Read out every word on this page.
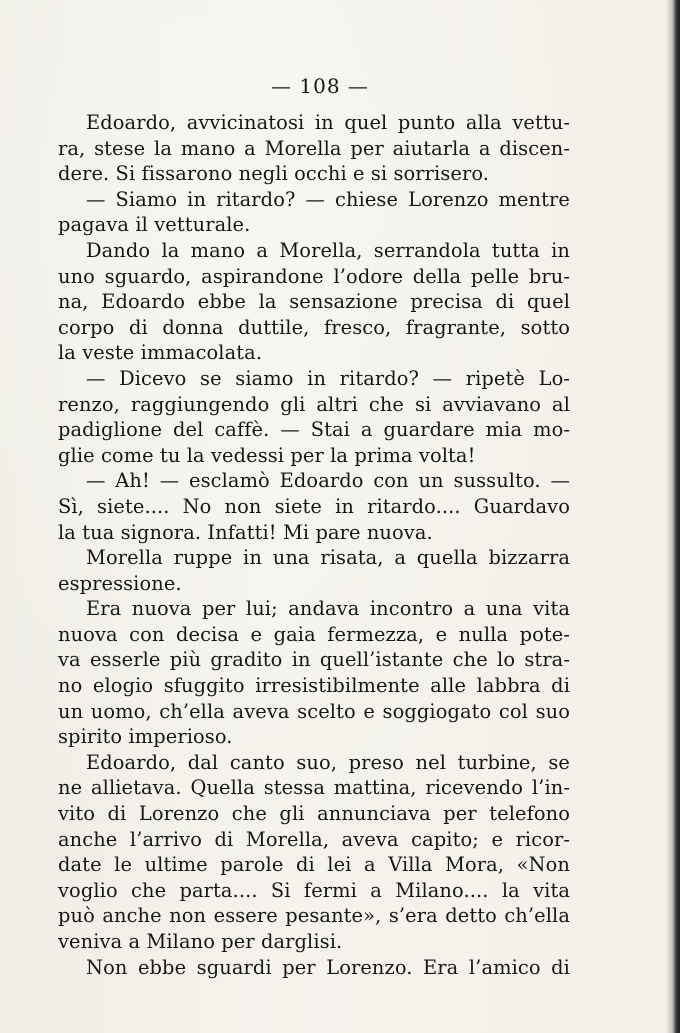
— 108 —
Edoardo, avvicinatosi in quel punto alla vettu-
ra, stese la mano a Morella per aiutarla a discen-
dere. Si fissarono negli occhi e si sorrisero.
— Siamo in ritardo? — chiese Lorenzo mentre
pagava il vetturale.
Dando la mano a Morella, serrandola tutta in
uno sguardo, aspirandone l’odore della pelle bru-
na, Edoardo ebbe la sensazione precisa di quel
corpo di donna duttile, fresco, fragrante, sotto
la veste immacolata.
— Dicevo se siamo in ritardo? — ripetè Lo-
renzo, raggiungendo gli altri che si avviavano al
padiglione del caffè. — Stai a guardare mia mo-
glie come tu la vedessi per la prima volta!
— Ah! — esclamò Edoardo con un sussulto. —
Sì, siete.... No non siete in ritardo.... Guardavo
la tua signora. Infatti! Mi pare nuova.
Morella ruppe in una risata, a quella bizzarra
espressione.
Era nuova per lui; andava incontro a una vita
nuova con decisa e gaia fermezza, e nulla pote-
va esserle più gradito in quell’istante che lo stra-
no elogio sfuggito irresistibilmente alle labbra di
un uomo, ch’ella aveva scelto e soggiogato col suo
spirito imperioso.
Edoardo, dal canto suo, preso nel turbine, se
ne allietava. Quella stessa mattina, ricevendo l’in-
vito di Lorenzo che gli annunciava per telefono
anche l’arrivo di Morella, aveva capito; e ricor-
date le ultime parole di lei a Villa Mora, «Non
voglio che parta.... Si fermi a Milano.... la vita
può anche non essere pesante», s’era detto ch’ella
veniva a Milano per darglisi.
Non ebbe sguardi per Lorenzo. Era l’amico di
